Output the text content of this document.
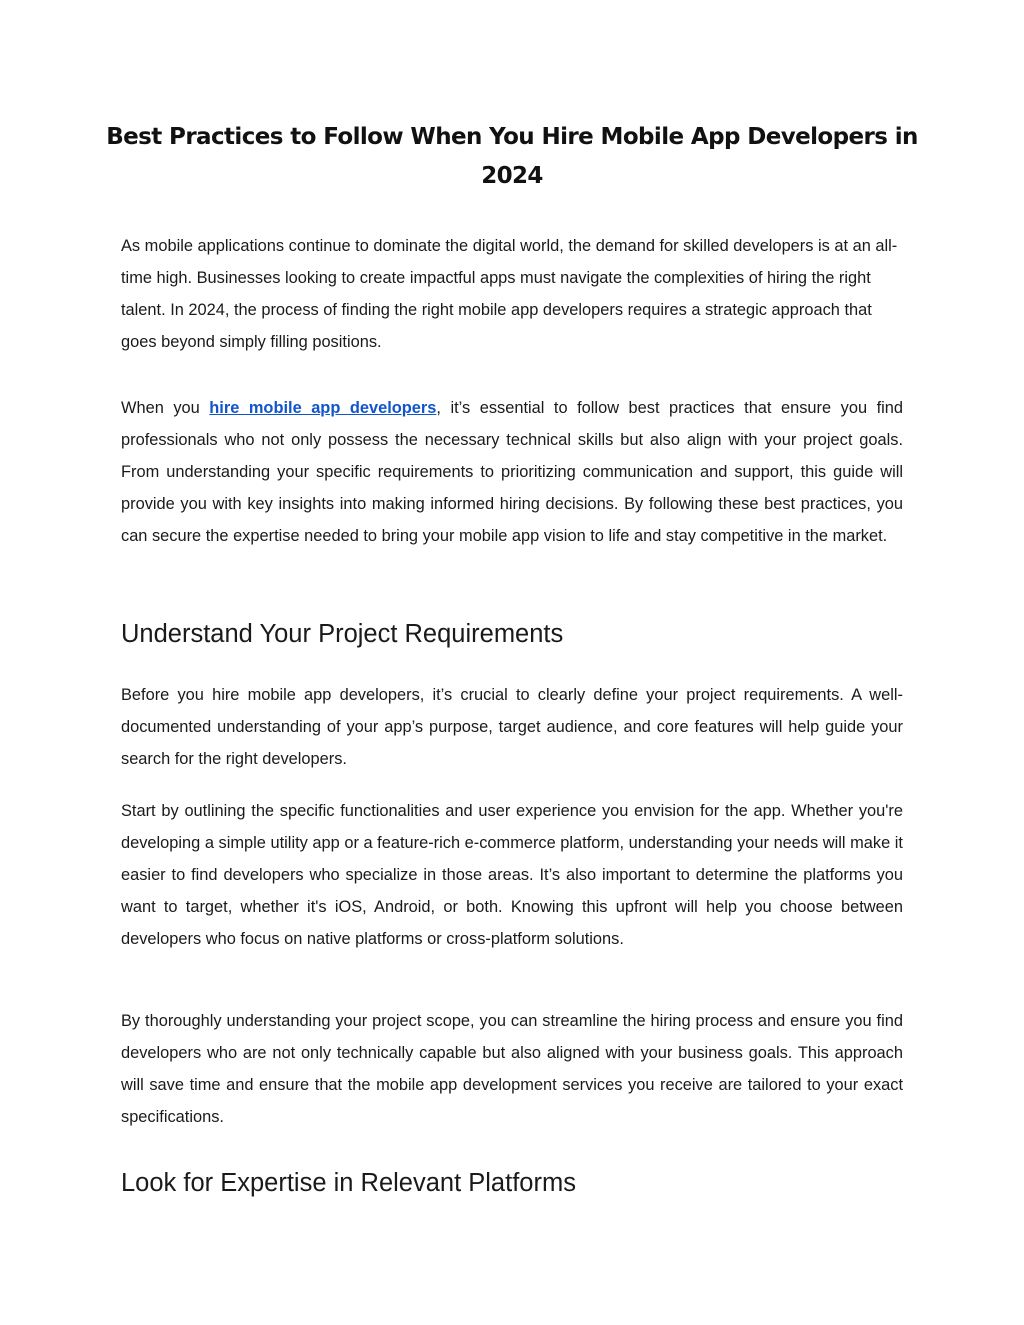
Best Practices to Follow When You Hire Mobile App Developers in 2024

As mobile applications continue to dominate the digital world, the demand for skilled developers is at an all-time high. Businesses looking to create impactful apps must navigate the complexities of hiring the right talent. In 2024, the process of finding the right mobile app developers requires a strategic approach that goes beyond simply filling positions.

When you hire mobile app developers, it’s essential to follow best practices that ensure you find professionals who not only possess the necessary technical skills but also align with your project goals. From understanding your specific requirements to prioritizing communication and support, this guide will provide you with key insights into making informed hiring decisions. By following these best practices, you can secure the expertise needed to bring your mobile app vision to life and stay competitive in the market.

Understand Your Project Requirements

Before you hire mobile app developers, it’s crucial to clearly define your project requirements. A well-documented understanding of your app’s purpose, target audience, and core features will help guide your search for the right developers.

Start by outlining the specific functionalities and user experience you envision for the app. Whether you're developing a simple utility app or a feature-rich e-commerce platform, understanding your needs will make it easier to find developers who specialize in those areas. It’s also important to determine the platforms you want to target, whether it's iOS, Android, or both. Knowing this upfront will help you choose between developers who focus on native platforms or cross-platform solutions.

By thoroughly understanding your project scope, you can streamline the hiring process and ensure you find developers who are not only technically capable but also aligned with your business goals. This approach will save time and ensure that the mobile app development services you receive are tailored to your exact specifications.

Look for Expertise in Relevant Platforms
